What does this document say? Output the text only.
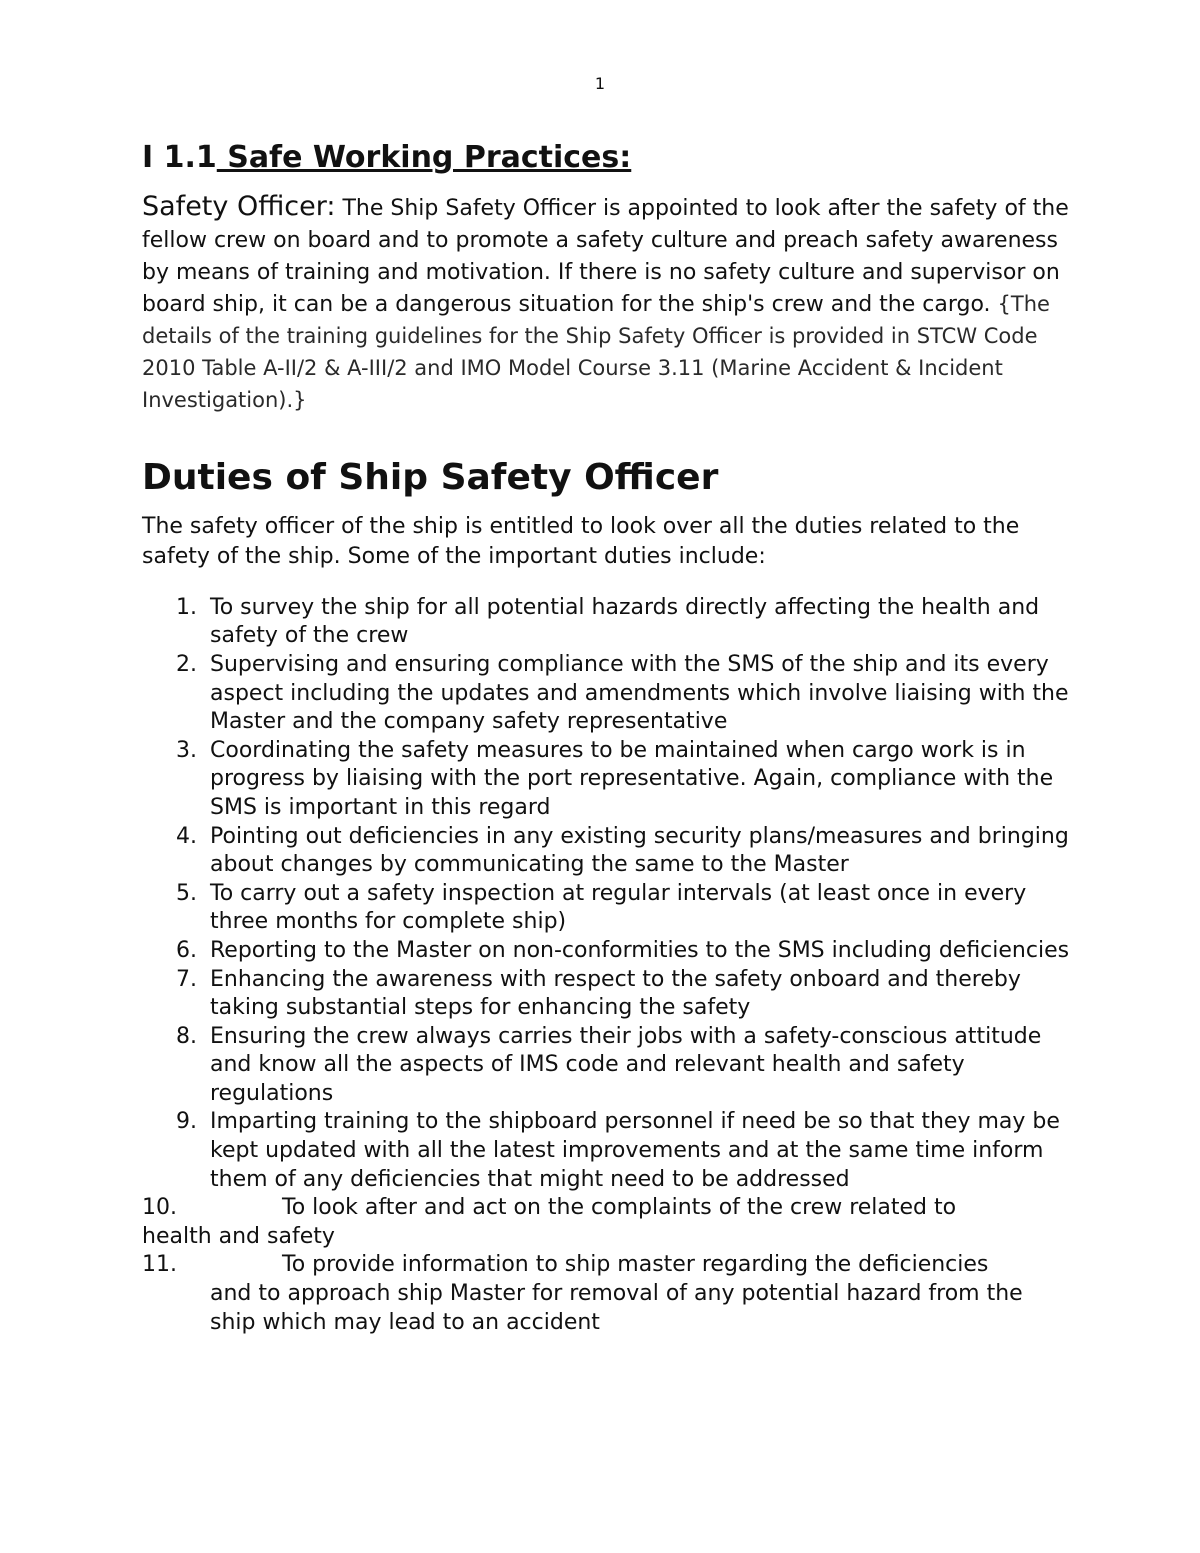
1
I 1.1 Safe Working Practices:

Safety Officer: The Ship Safety Officer is appointed to look after the safety of the fellow crew on board and to promote a safety culture and preach safety awareness by means of training and motivation. If there is no safety culture and supervisor on board ship, it can be a dangerous situation for the ship's crew and the cargo. {The details of the training guidelines for the Ship Safety Officer is provided in STCW Code 2010 Table A-II/2 & A-III/2 and IMO Model Course 3.11 (Marine Accident & Incident Investigation).}

Duties of Ship Safety Officer

The safety officer of the ship is entitled to look over all the duties related to the safety of the ship. Some of the important duties include:

1. To survey the ship for all potential hazards directly affecting the health and safety of the crew
2. Supervising and ensuring compliance with the SMS of the ship and its every aspect including the updates and amendments which involve liaising with the Master and the company safety representative
3. Coordinating the safety measures to be maintained when cargo work is in progress by liaising with the port representative. Again, compliance with the SMS is important in this regard
4. Pointing out deficiencies in any existing security plans/measures and bringing about changes by communicating the same to the Master
5. To carry out a safety inspection at regular intervals (at least once in every three months for complete ship)
6. Reporting to the Master on non-conformities to the SMS including deficiencies
7. Enhancing the awareness with respect to the safety onboard and thereby taking substantial steps for enhancing the safety
8. Ensuring the crew always carries their jobs with a safety-conscious attitude and know all the aspects of IMS code and relevant health and safety regulations
9. Imparting training to the shipboard personnel if need be so that they may be kept updated with all the latest improvements and at the same time inform them of any deficiencies that might need to be addressed
10.	To look after and act on the complaints of the crew related to
health and safety
11.	To provide information to ship master regarding the deficiencies
and to approach ship Master for removal of any potential hazard from the ship which may lead to an accident
